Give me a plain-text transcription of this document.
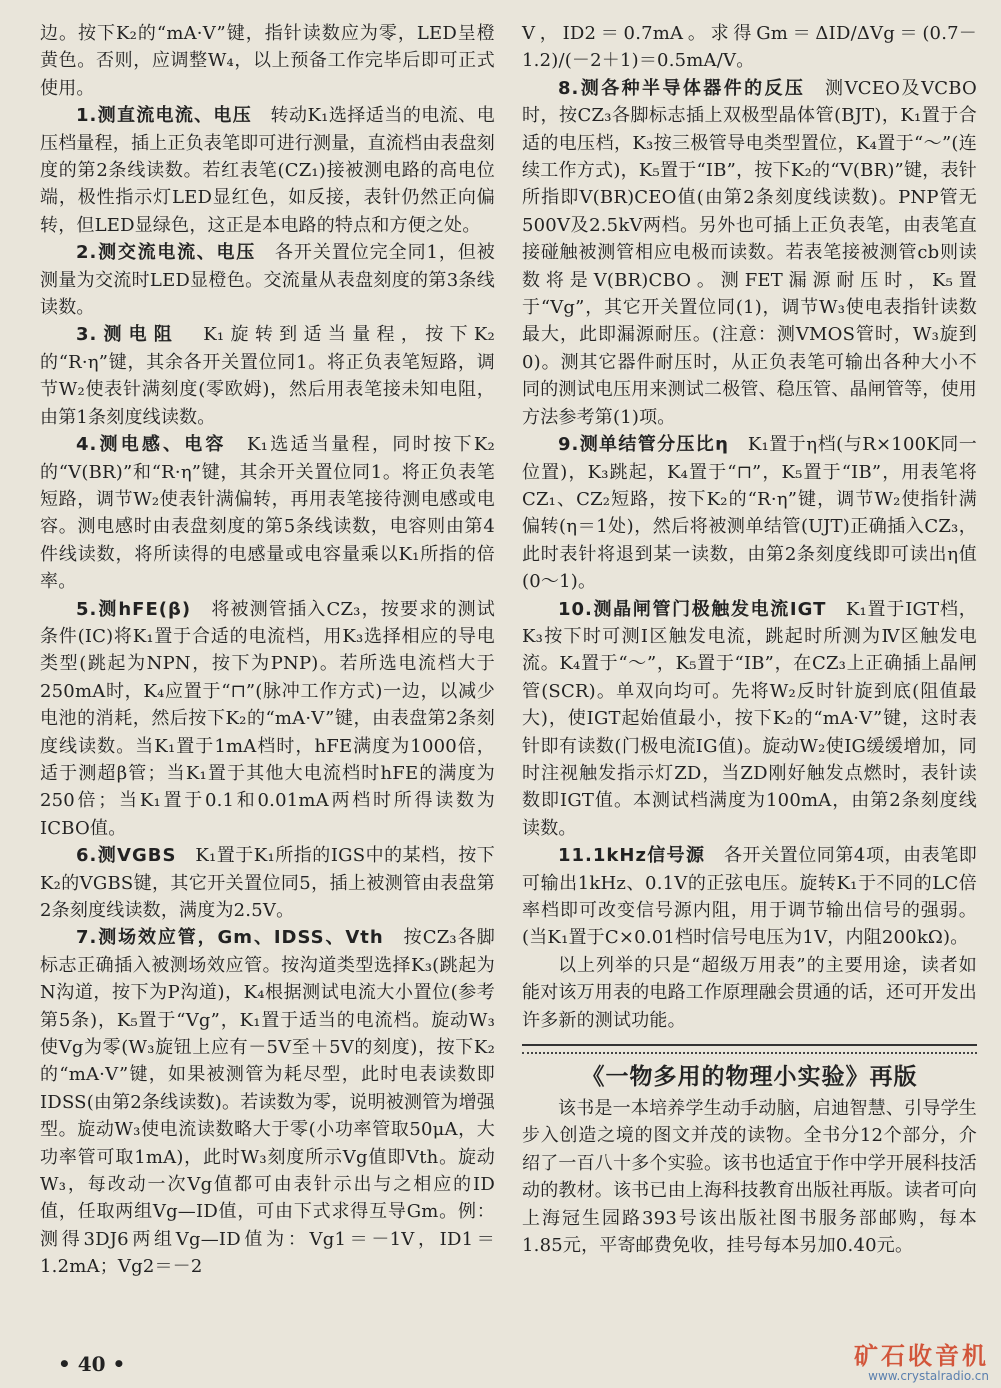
边。按下K₂的“mA·V”键，指针读数应为零，LED呈橙黄色。否则，应调整W₄，以上预备工作完毕后即可正式使用。

1.测直流电流、电压　 转动K₁选择适当的电流、电压档量程，插上正负表笔即可进行测量，直流档由表盘刻度的第2条线读数。若红表笔(CZ₁)接被测电路的高电位端，极性指示灯LED显红色，如反接，表针仍然正向偏转，但LED显绿色，这正是本电路的特点和方便之处。

2.测交流电流、电压　 各开关置位完全同1，但被测量为交流时LED显橙色。交流量从表盘刻度的第3条线读数。

3.测电阻　 K₁旋转到适当量程，按下K₂的“R·η”键，其余各开关置位同1。将正负表笔短路，调节W₂使表针满刻度(零欧姆)，然后用表笔接未知电阻，由第1条刻度线读数。

4.测电感、电容　 K₁选适当量程，同时按下K₂的“V(BR)”和“R·η”键，其余开关置位同1。将正负表笔短路，调节W₂使表针满偏转，再用表笔接待测电感或电容。测电感时由表盘刻度的第5条线读数，电容则由第4件线读数，将所读得的电感量或电容量乘以K₁所指的倍率。

5.测hFE(β)　 将被测管插入CZ₃，按要求的测试条件(IC)将K₁置于合适的电流档，用K₃选择相应的导电类型(跳起为NPN，按下为PNP)。若所选电流档大于250mA时，K₄应置于“⊓”(脉冲工作方式)一边，以减少电池的消耗，然后按下K₂的“mA·V”键，由表盘第2条刻度线读数。当K₁置于1mA档时，hFE满度为1000倍，适于测超β管；当K₁置于其他大电流档时hFE的满度为250倍；当K₁置于0.1和0.01mA两档时所得读数为ICBO值。

6.测VGBS　 K₁置于K₁所指的IGS中的某档，按下K₂的VGBS键，其它开关置位同5，插上被测管由表盘第2条刻度线读数，满度为2.5V。

7.测场效应管，Gm、IDSS、Vth　 按CZ₃各脚标志正确插入被测场效应管。按沟道类型选择K₃(跳起为N沟道，按下为P沟道)，K₄根据测试电流大小置位(参考第5条)，K₅置于“Vg”，K₁置于适当的电流档。旋动W₃使Vg为零(W₃旋钮上应有－5V至＋5V的刻度)，按下K₂的“mA·V”键，如果被测管为耗尽型，此时电表读数即IDSS(由第2条线读数)。若读数为零，说明被测管为增强型。旋动W₃使电流读数略大于零(小功率管取50μA，大功率管可取1mA)，此时W₃刻度所示Vg值即Vth。旋动W₃，每改动一次Vg值都可由表针示出与之相应的ID值，任取两组Vg—ID值，可由下式求得互导Gm。例：测得3DJ6两组Vg—ID值为：Vg1＝－1V，ID1＝1.2mA；Vg2＝－2

V，ID2＝0.7mA。求得Gm＝ΔID/ΔVg＝(0.7－1.2)/(－2＋1)＝0.5mA/V。

8.测各种半导体器件的反压　 测VCEO及VCBO时，按CZ₃各脚标志插上双极型晶体管(BJT)，K₁置于合适的电压档，K₃按三极管导电类型置位，K₄置于“～”(连续工作方式)，K₅置于“IB”，按下K₂的“V(BR)”键，表针所指即V(BR)CEO值(由第2条刻度线读数)。PNP管无500V及2.5kV两档。另外也可插上正负表笔，由表笔直接碰触被测管相应电极而读数。若表笔接被测管cb则读数将是V(BR)CBO。测FET漏源耐压时，K₅置于“Vg”，其它开关置位同(1)，调节W₃使电表指针读数最大，此即漏源耐压。(注意：测VMOS管时，W₃旋到0)。测其它器件耐压时，从正负表笔可输出各种大小不同的测试电压用来测试二极管、稳压管、晶闸管等，使用方法参考第(1)项。

9.测单结管分压比η　 K₁置于η档(与R×100K同一位置)，K₃跳起，K₄置于“⊓”，K₅置于“IB”，用表笔将CZ₁、CZ₂短路，按下K₂的“R·η”键，调节W₂使指针满偏转(η＝1处)，然后将被测单结管(UJT)正确插入CZ₃，此时表针将退到某一读数，由第2条刻度线即可读出η值(0～1)。

10.测晶闸管门极触发电流IGT　 K₁置于IGT档，K₃按下时可测Ⅰ区触发电流，跳起时所测为Ⅳ区触发电流。K₄置于“～”，K₅置于“IB”，在CZ₃上正确插上晶闸管(SCR)。单双向均可。先将W₂反时针旋到底(阻值最大)，使IGT起始值最小，按下K₂的“mA·V”键，这时表针即有读数(门极电流IG值)。旋动W₂使IG缓缓增加，同时注视触发指示灯ZD，当ZD刚好触发点燃时，表针读数即IGT值。本测试档满度为100mA，由第2条刻度线读数。

11.1kHz信号源　 各开关置位同第4项，由表笔即可输出1kHz、0.1V的正弦电压。旋转K₁于不同的LC倍率档即可改变信号源内阻，用于调节输出信号的强弱。(当K₁置于C×0.01档时信号电压为1V，内阻200kΩ)。

以上列举的只是“超级万用表”的主要用途，读者如能对该万用表的电路工作原理融会贯通的话，还可开发出许多新的测试功能。

《一物多用的物理小实验》再版

该书是一本培养学生动手动脑，启迪智慧、引导学生步入创造之境的图文并茂的读物。全书分12个部分，介绍了一百八十多个实验。该书也适宜于作中学开展科技活动的教材。该书已由上海科技教育出版社再版。读者可向上海冠生园路393号该出版社图书服务部邮购，每本1.85元，平寄邮费免收，挂号每本另加0.40元。

• 40 •	矿石收音机
www.crystalradio.cn
